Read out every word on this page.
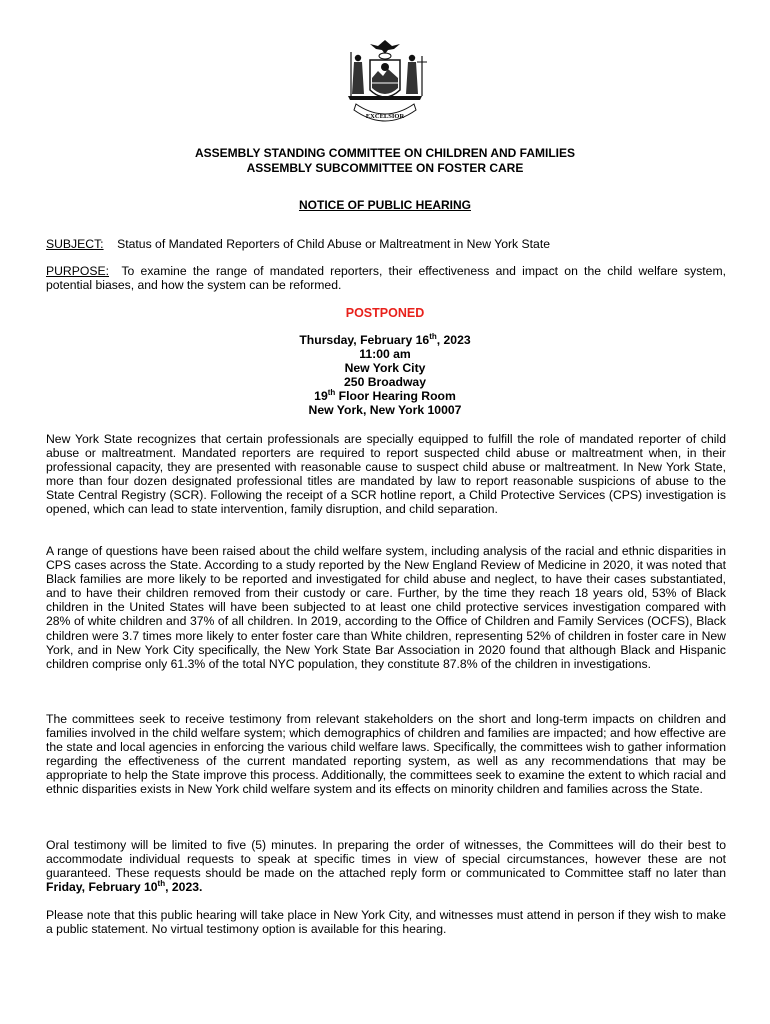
EXCELSIOR
ASSEMBLY STANDING COMMITTEE ON CHILDREN AND FAMILIES
ASSEMBLY SUBCOMMITTEE ON FOSTER CARE
NOTICE OF PUBLIC HEARING
SUBJECT: Status of Mandated Reporters of Child Abuse or Maltreatment in New York State
PURPOSE: To examine the range of mandated reporters, their effectiveness and impact on the child welfare system, potential biases, and how the system can be reformed.
POSTPONED
Thursday, February 16th, 2023
11:00 am
New York City
250 Broadway
19th Floor Hearing Room
New York, New York 10007
New York State recognizes that certain professionals are specially equipped to fulfill the role of mandated reporter of child abuse or maltreatment. Mandated reporters are required to report suspected child abuse or maltreatment when, in their professional capacity, they are presented with reasonable cause to suspect child abuse or maltreatment. In New York State, more than four dozen designated professional titles are mandated by law to report reasonable suspicions of abuse to the State Central Registry (SCR). Following the receipt of a SCR hotline report, a Child Protective Services (CPS) investigation is opened, which can lead to state intervention, family disruption, and child separation.
A range of questions have been raised about the child welfare system, including analysis of the racial and ethnic disparities in CPS cases across the State. According to a study reported by the New England Review of Medicine in 2020, it was noted that Black families are more likely to be reported and investigated for child abuse and neglect, to have their cases substantiated, and to have their children removed from their custody or care. Further, by the time they reach 18 years old, 53% of Black children in the United States will have been subjected to at least one child protective services investigation compared with 28% of white children and 37% of all children. In 2019, according to the Office of Children and Family Services (OCFS), Black children were 3.7 times more likely to enter foster care than White children, representing 52% of children in foster care in New York, and in New York City specifically, the New York State Bar Association in 2020 found that although Black and Hispanic children comprise only 61.3% of the total NYC population, they constitute 87.8% of the children in investigations.
The committees seek to receive testimony from relevant stakeholders on the short and long-term impacts on children and families involved in the child welfare system; which demographics of children and families are impacted; and how effective are the state and local agencies in enforcing the various child welfare laws. Specifically, the committees wish to gather information regarding the effectiveness of the current mandated reporting system, as well as any recommendations that may be appropriate to help the State improve this process. Additionally, the committees seek to examine the extent to which racial and ethnic disparities exists in New York child welfare system and its effects on minority children and families across the State.
Oral testimony will be limited to five (5) minutes. In preparing the order of witnesses, the Committees will do their best to accommodate individual requests to speak at specific times in view of special circumstances, however these are not guaranteed. These requests should be made on the attached reply form or communicated to Committee staff no later than Friday, February 10th, 2023.
Please note that this public hearing will take place in New York City, and witnesses must attend in person if they wish to make a public statement. No virtual testimony option is available for this hearing.
